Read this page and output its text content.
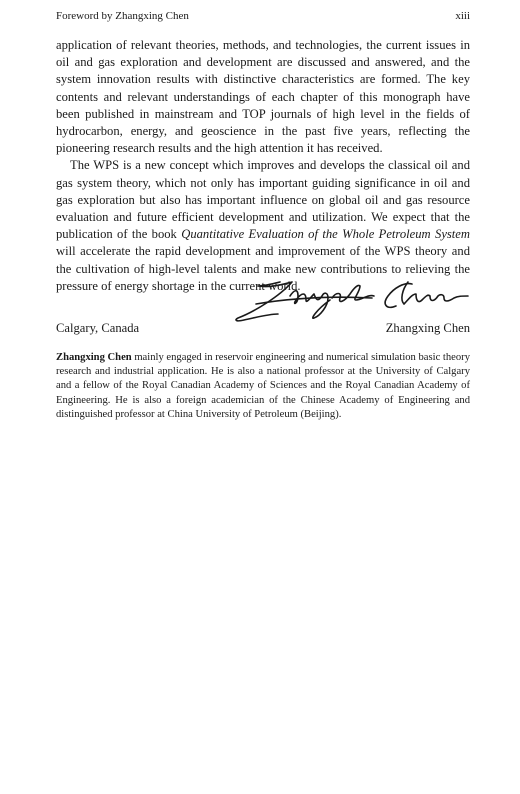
Foreword by Zhangxing Chen	xiii

application of relevant theories, methods, and technologies, the current issues in oil and gas exploration and development are discussed and answered, and the system innovation results with distinctive characteristics are formed. The key contents and relevant understandings of each chapter of this monograph have been published in mainstream and TOP journals of high level in the fields of hydrocarbon, energy, and geoscience in the past five years, reflecting the pioneering research results and the high attention it has received.

The WPS is a new concept which improves and develops the classical oil and gas system theory, which not only has important guiding significance in oil and gas exploration but also has important influence on global oil and gas resource evaluation and future efficient development and utilization. We expect that the publication of the book Quantitative Evaluation of the Whole Petroleum System will accelerate the rapid development and improvement of the WPS theory and the cultivation of high-level talents and make new contributions to relieving the pressure of energy shortage in the current world.

Calgary, Canada	Zhangxing Chen
Zhangxing Chen mainly engaged in reservoir engineering and numerical simulation basic theory research and industrial application. He is also a national professor at the University of Calgary and a fellow of the Royal Canadian Academy of Sciences and the Royal Canadian Academy of Engineering. He is also a foreign academician of the Chinese Academy of Engineering and distinguished professor at China University of Petroleum (Beijing).
